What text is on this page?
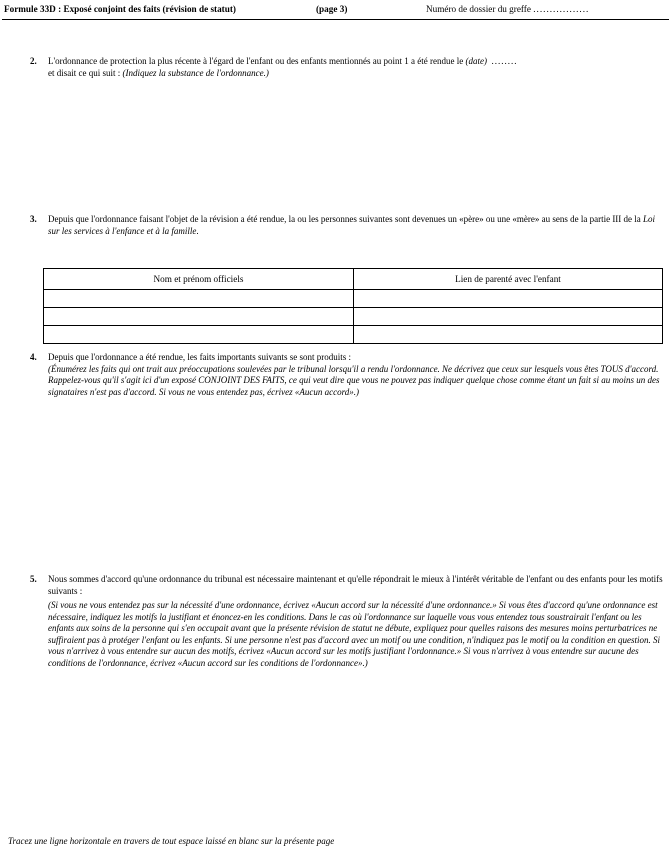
Formule 33D : Exposé conjoint des faits (révision de statut)	(page 3)	Numéro de dossier du greffe .................
2. L'ordonnance de protection la plus récente à l'égard de l'enfant ou des enfants mentionnés au point 1 a été rendue le (date) ........
et disait ce qui suit : (Indiquez la substance de l'ordonnance.)
3. Depuis que l'ordonnance faisant l'objet de la révision a été rendue, la ou les personnes suivantes sont devenues un «père» ou une «mère» au sens de la partie III de la Loi sur les services à l'enfance et à la famille.
Nom et prénom officiels	Lien de parenté avec l'enfant

4. Depuis que l'ordonnance a été rendue, les faits importants suivants se sont produits :
(Énumérez les faits qui ont trait aux préoccupations soulevées par le tribunal lorsqu'il a rendu l'ordonnance. Ne décrivez que ceux sur lesquels vous êtes TOUS d'accord. Rappelez-vous qu'il s'agit ici d'un exposé CONJOINT DES FAITS, ce qui veut dire que vous ne pouvez pas indiquer quelque chose comme étant un fait si au moins un des signataires n'est pas d'accord. Si vous ne vous entendez pas, écrivez «Aucun accord».)
5. Nous sommes d'accord qu'une ordonnance du tribunal est nécessaire maintenant et qu'elle répondrait le mieux à l'intérêt véritable de l'enfant ou des enfants pour les motifs suivants :

(Si vous ne vous entendez pas sur la nécessité d'une ordonnance, écrivez «Aucun accord sur la nécessité d'une ordonnance.» Si vous êtes d'accord qu'une ordonnance est nécessaire, indiquez les motifs la justifiant et énoncez-en les conditions. Dans le cas où l'ordonnance sur laquelle vous vous entendez tous soustrairait l'enfant ou les enfants aux soins de la personne qui s'en occupait avant que la présente révision de statut ne débute, expliquez pour quelles raisons des mesures moins perturbatrices ne suffiraient pas à protéger l'enfant ou les enfants. Si une personne n'est pas d'accord avec un motif ou une condition, n'indiquez pas le motif ou la condition en question. Si vous n'arrivez à vous entendre sur aucun des motifs, écrivez «Aucun accord sur les motifs justifiant l'ordonnance.» Si vous n'arrivez à vous entendre sur aucune des conditions de l'ordonnance, écrivez «Aucun accord sur les conditions de l'ordonnance».)
Tracez une ligne horizontale en travers de tout espace laissé en blanc sur la présente page
